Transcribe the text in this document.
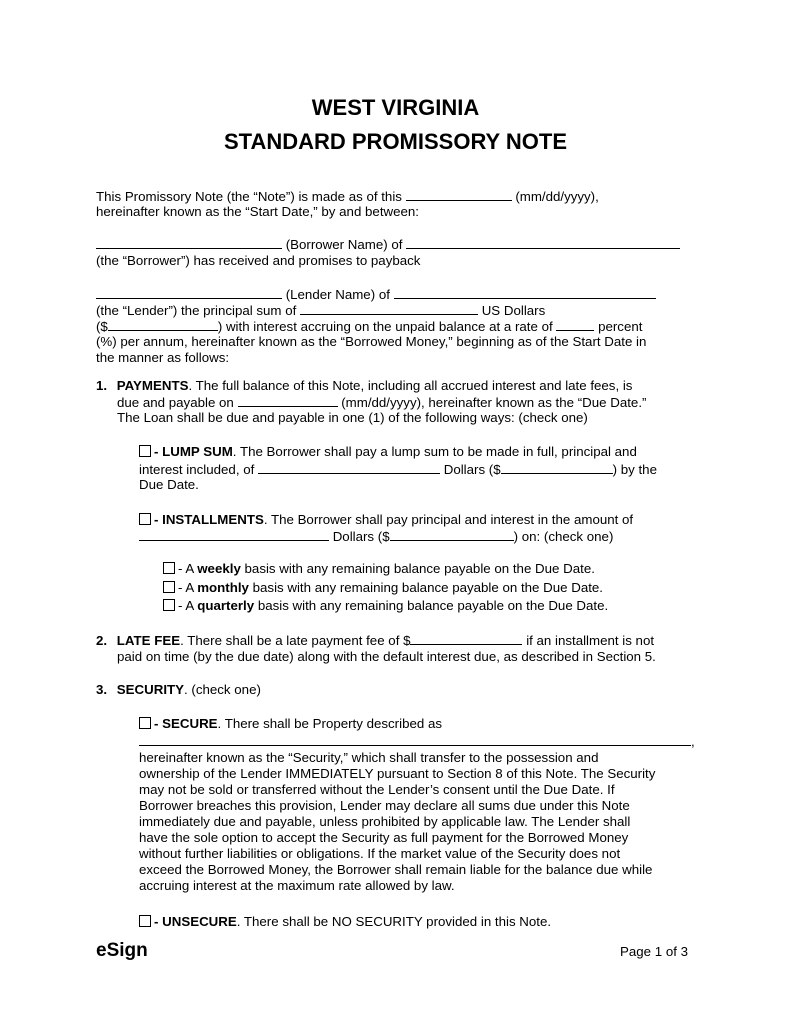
WEST VIRGINIA
STANDARD PROMISSORY NOTE
This Promissory Note (the “Note”) is made as of this	(mm/dd/yyyy),
hereinafter known as the “Start Date,” by and between:
(Borrower Name) of
(the “Borrower”) has received and promises to payback
(Lender Name) of
(the “Lender”) the principal sum of	US Dollars
($	) with interest accruing on the unpaid balance at a rate of	percent
(%) per annum, hereinafter known as the “Borrowed Money,” beginning as of the Start Date in
the manner as follows:
1. PAYMENTS. The full balance of this Note, including all accrued interest and late fees, is
due and payable on	(mm/dd/yyyy), hereinafter known as the “Due Date.”
The Loan shall be due and payable in one (1) of the following ways: (check one)
- LUMP SUM. The Borrower shall pay a lump sum to be made in full, principal and
interest included, of	Dollars ($	) by the
Due Date.
- INSTALLMENTS. The Borrower shall pay principal and interest in the amount of
Dollars ($	) on: (check one)
- A weekly basis with any remaining balance payable on the Due Date.
- A monthly basis with any remaining balance payable on the Due Date.
- A quarterly basis with any remaining balance payable on the Due Date.
2. LATE FEE. There shall be a late payment fee of $	if an installment is not
paid on time (by the due date) along with the default interest due, as described in Section 5.
3. SECURITY. (check one)
- SECURE. There shall be Property described as
,
hereinafter known as the “Security,” which shall transfer to the possession and
ownership of the Lender IMMEDIATELY pursuant to Section 8 of this Note. The Security
may not be sold or transferred without the Lender’s consent until the Due Date. If
Borrower breaches this provision, Lender may declare all sums due under this Note
immediately due and payable, unless prohibited by applicable law. The Lender shall
have the sole option to accept the Security as full payment for the Borrowed Money
without further liabilities or obligations. If the market value of the Security does not
exceed the Borrowed Money, the Borrower shall remain liable for the balance due while
accruing interest at the maximum rate allowed by law.
- UNSECURE. There shall be NO SECURITY provided in this Note.
eSign	Page 1 of 3
